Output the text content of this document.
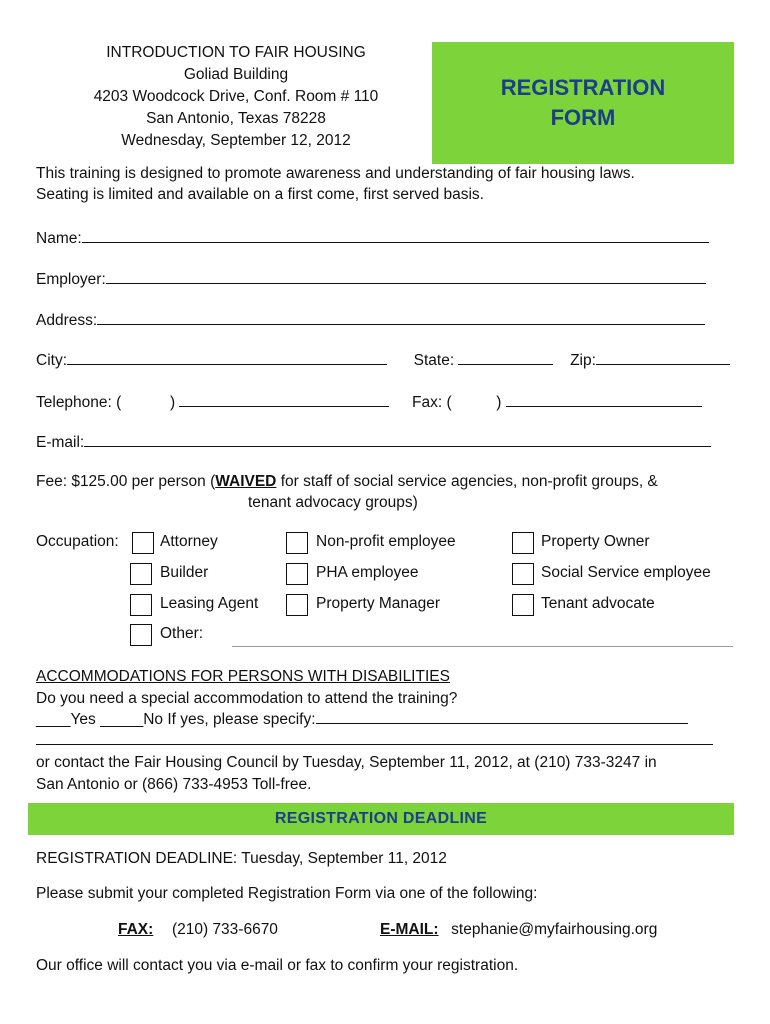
INTRODUCTION TO FAIR HOUSING
Goliad Building
4203 Woodcock Drive, Conf. Room # 110
San Antonio, Texas 78228
Wednesday, September 12, 2012
REGISTRATION
FORM
This training is designed to promote awareness and understanding of fair housing laws.
Seating is limited and available on a first come, first served basis.
Name:
Employer:
Address:
City:	State:	Zip:
Telephone: (	)	Fax: (	)
E-mail:
Fee: $125.00 per person (WAIVED for staff of social service agencies, non-profit groups, &
tenant advocacy groups)
Occupation:	Attorney	Non-profit employee	Property Owner
Builder	PHA employee	Social Service employee
Leasing Agent	Property Manager	Tenant advocate
Other:
ACCOMMODATIONS FOR PERSONS WITH DISABILITIES
Do you need a special accommodation to attend the training?
____Yes _____No If yes, please specify:
or contact the Fair Housing Council by Tuesday, September 11, 2012, at (210) 733-3247 in
San Antonio or (866) 733-4953 Toll-free.
REGISTRATION DEADLINE
REGISTRATION DEADLINE: Tuesday, September 11, 2012
Please submit your completed Registration Form via one of the following:
FAX: (210) 733-6670	E-MAIL: stephanie@myfairhousing.org
Our office will contact you via e-mail or fax to confirm your registration.
